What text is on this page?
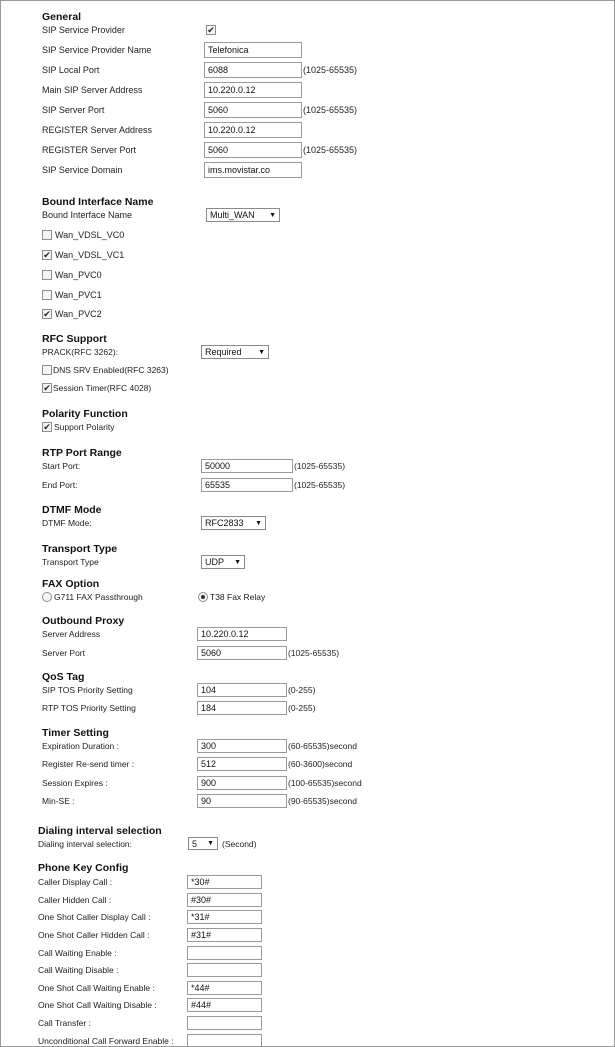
General
SIP Service Provider	✔
SIP Service Provider Name
Telefonica
SIP Local Port
6088	(1025-65535)
Main SIP Server Address
10.220.0.12
SIP Server Port
5060	(1025-65535)
REGISTER Server Address
10.220.0.12
REGISTER Server Port
5060	(1025-65535)
SIP Service Domain
ims.movistar.co
Bound Interface Name
Bound Interface Name	Multi_WAN ▼
Wan_VDSL_VC0
✔ Wan_VDSL_VC1
Wan_PVC0
Wan_PVC1
✔ Wan_PVC2
RFC Support
PRACK(RFC 3262):	Required ▼
DNS SRV Enabled(RFC 3263)
✔ Session Timer(RFC 4028)
Polarity Function
✔ Support Polarity
RTP Port Range
Start Port:
50000	(1025-65535)
End Port:
65535	(1025-65535)
DTMF Mode
DTMF Mode:	RFC2833 ▼
Transport Type
Transport Type	UDP ▼
FAX Option
G711 FAX Passthrough	T38 Fax Relay
Outbound Proxy
Server Address
10.220.0.12
Server Port
5060	(1025-65535)
QoS Tag
SIP TOS Priority Setting
104	(0-255)
RTP TOS Priority Setting
184	(0-255)
Timer Setting
Expiration Duration :
300	(60-65535)second
Register Re-send timer :
512	(60-3600)second
Session Expires :
900	(100-65535)second
Min-SE :
90	(90-65535)second
Dialing interval selection
Dialing interval selection:	5 ▼ (Second)
Phone Key Config
Caller Display Call :
*30#
Caller Hidden Call :
#30#
One Shot Caller Display Call :
*31#
One Shot Caller Hidden Call :
#31#
Call Waiting Enable :
Call Waiting Disable :
One Shot Call Waiting Enable :
*44#
One Shot Call Waiting Disable :
#44#
Call Transfer :
Unconditional Call Forward Enable :
